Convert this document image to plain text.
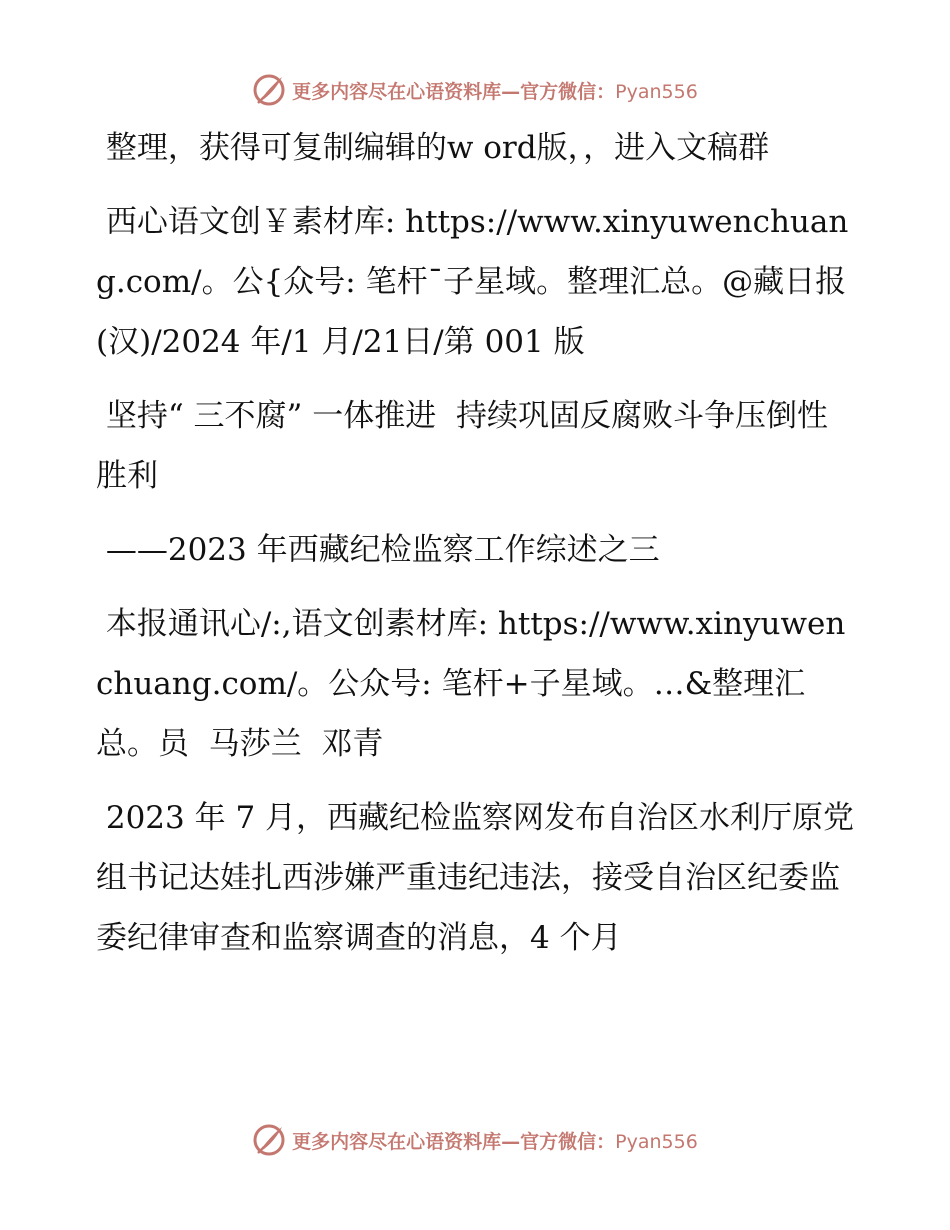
更多内容尽在心语资料库—官方微信：Pyan556

整理，获得可复制编辑的w ord版，，进入文稿群

西心语文创￥素材库: https://www.xinyuwenchuang.com/。公{众号: 笔杆¯子星域。整理汇总。@藏日报(汉)/2024 年/1 月/21日/第 001 版

坚持“ 三不腐” 一体推进  持续巩固反腐败斗争压倒性胜利

——2023 年西藏纪检监察工作综述之三

本报通讯心/:,语文创素材库: https://www.xinyuwenchuang.com/。公众号: 笔杆+子星域。…&整理汇总。员  马莎兰  邓青

2023 年 7 月，西藏纪检监察网发布自治区水利厅原党组书记达娃扎西涉嫌严重违纪违法，接受自治区纪委监委纪律审查和监察调查的消息，4 个月

更多内容尽在心语资料库—官方微信：Pyan556
